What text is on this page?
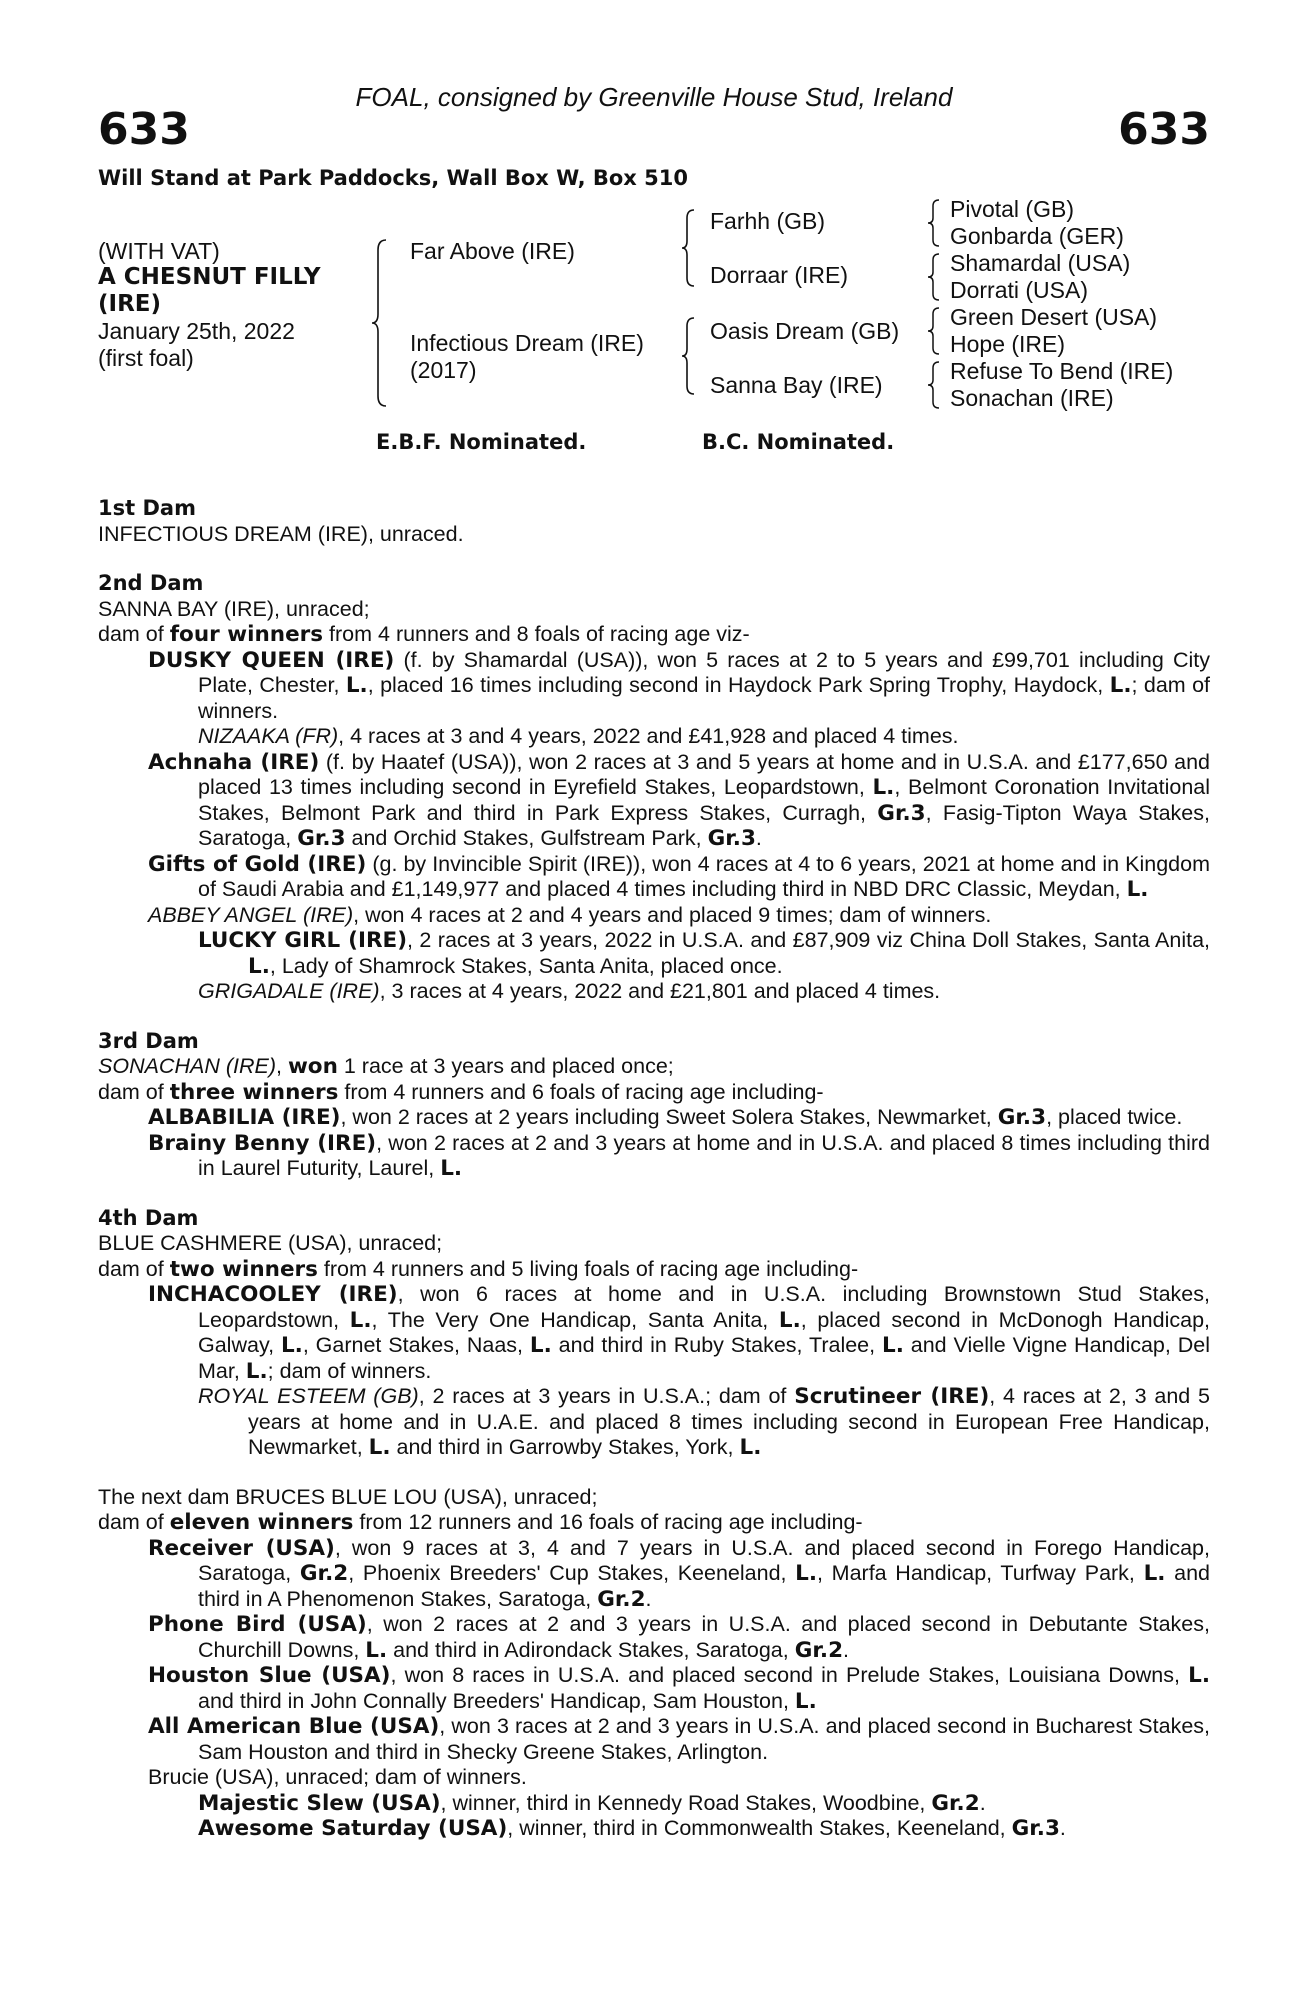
FOAL, consigned by Greenville House Stud, Ireland

633	633
Will Stand at Park Paddocks, Wall Box W, Box 510
(WITH VAT)
A CHESNUT FILLY
(IRE)
January 25th, 2022
(first foal)
Far Above (IRE)
Infectious Dream (IRE)
(2017)
Farhh (GB)
Dorraar (IRE)
Oasis Dream (GB)
Sanna Bay (IRE)
Pivotal (GB)
Gonbarda (GER)
Shamardal (USA)
Dorrati (USA)
Green Desert (USA)
Hope (IRE)
Refuse To Bend (IRE)
Sonachan (IRE)
E.B.F. Nominated.	B.C. Nominated.
1st Dam

INFECTIOUS DREAM (IRE), unraced.

2nd Dam

SANNA BAY (IRE), unraced;

dam of four winners from 4 runners and 8 foals of racing age viz-

DUSKY QUEEN (IRE) (f. by Shamardal (USA)), won 5 races at 2 to 5 years and £99,701 including City Plate, Chester, L., placed 16 times including second in Haydock Park Spring Trophy, Haydock, L.; dam of winners.

NIZAAKA (FR), 4 races at 3 and 4 years, 2022 and £41,928 and placed 4 times.

Achnaha (IRE) (f. by Haatef (USA)), won 2 races at 3 and 5 years at home and in U.S.A. and £177,650 and placed 13 times including second in Eyrefield Stakes, Leopardstown, L., Belmont Coronation Invitational Stakes, Belmont Park and third in Park Express Stakes, Curragh, Gr.3, Fasig-Tipton Waya Stakes, Saratoga, Gr.3 and Orchid Stakes, Gulfstream Park, Gr.3.

Gifts of Gold (IRE) (g. by Invincible Spirit (IRE)), won 4 races at 4 to 6 years, 2021 at home and in Kingdom of Saudi Arabia and £1,149,977 and placed 4 times including third in NBD DRC Classic, Meydan, L.

ABBEY ANGEL (IRE), won 4 races at 2 and 4 years and placed 9 times; dam of winners.

LUCKY GIRL (IRE), 2 races at 3 years, 2022 in U.S.A. and £87,909 viz China Doll Stakes, Santa Anita, L., Lady of Shamrock Stakes, Santa Anita, placed once.

GRIGADALE (IRE), 3 races at 4 years, 2022 and £21,801 and placed 4 times.

3rd Dam

SONACHAN (IRE), won 1 race at 3 years and placed once;

dam of three winners from 4 runners and 6 foals of racing age including-

ALBABILIA (IRE), won 2 races at 2 years including Sweet Solera Stakes, Newmarket, Gr.3, placed twice.

Brainy Benny (IRE), won 2 races at 2 and 3 years at home and in U.S.A. and placed 8 times including third in Laurel Futurity, Laurel, L.

4th Dam

BLUE CASHMERE (USA), unraced;

dam of two winners from 4 runners and 5 living foals of racing age including-

INCHACOOLEY (IRE), won 6 races at home and in U.S.A. including Brownstown Stud Stakes, Leopardstown, L., The Very One Handicap, Santa Anita, L., placed second in McDonogh Handicap, Galway, L., Garnet Stakes, Naas, L. and third in Ruby Stakes, Tralee, L. and Vielle Vigne Handicap, Del Mar, L.; dam of winners.

ROYAL ESTEEM (GB), 2 races at 3 years in U.S.A.; dam of Scrutineer (IRE), 4 races at 2, 3 and 5 years at home and in U.A.E. and placed 8 times including second in European Free Handicap, Newmarket, L. and third in Garrowby Stakes, York, L.

The next dam BRUCES BLUE LOU (USA), unraced;

dam of eleven winners from 12 runners and 16 foals of racing age including-

Receiver (USA), won 9 races at 3, 4 and 7 years in U.S.A. and placed second in Forego Handicap, Saratoga, Gr.2, Phoenix Breeders' Cup Stakes, Keeneland, L., Marfa Handicap, Turfway Park, L. and third in A Phenomenon Stakes, Saratoga, Gr.2.

Phone Bird (USA), won 2 races at 2 and 3 years in U.S.A. and placed second in Debutante Stakes, Churchill Downs, L. and third in Adirondack Stakes, Saratoga, Gr.2.

Houston Slue (USA), won 8 races in U.S.A. and placed second in Prelude Stakes, Louisiana Downs, L. and third in John Connally Breeders' Handicap, Sam Houston, L.

All American Blue (USA), won 3 races at 2 and 3 years in U.S.A. and placed second in Bucharest Stakes, Sam Houston and third in Shecky Greene Stakes, Arlington.

Brucie (USA), unraced; dam of winners.

Majestic Slew (USA), winner, third in Kennedy Road Stakes, Woodbine, Gr.2.

Awesome Saturday (USA), winner, third in Commonwealth Stakes, Keeneland, Gr.3.
